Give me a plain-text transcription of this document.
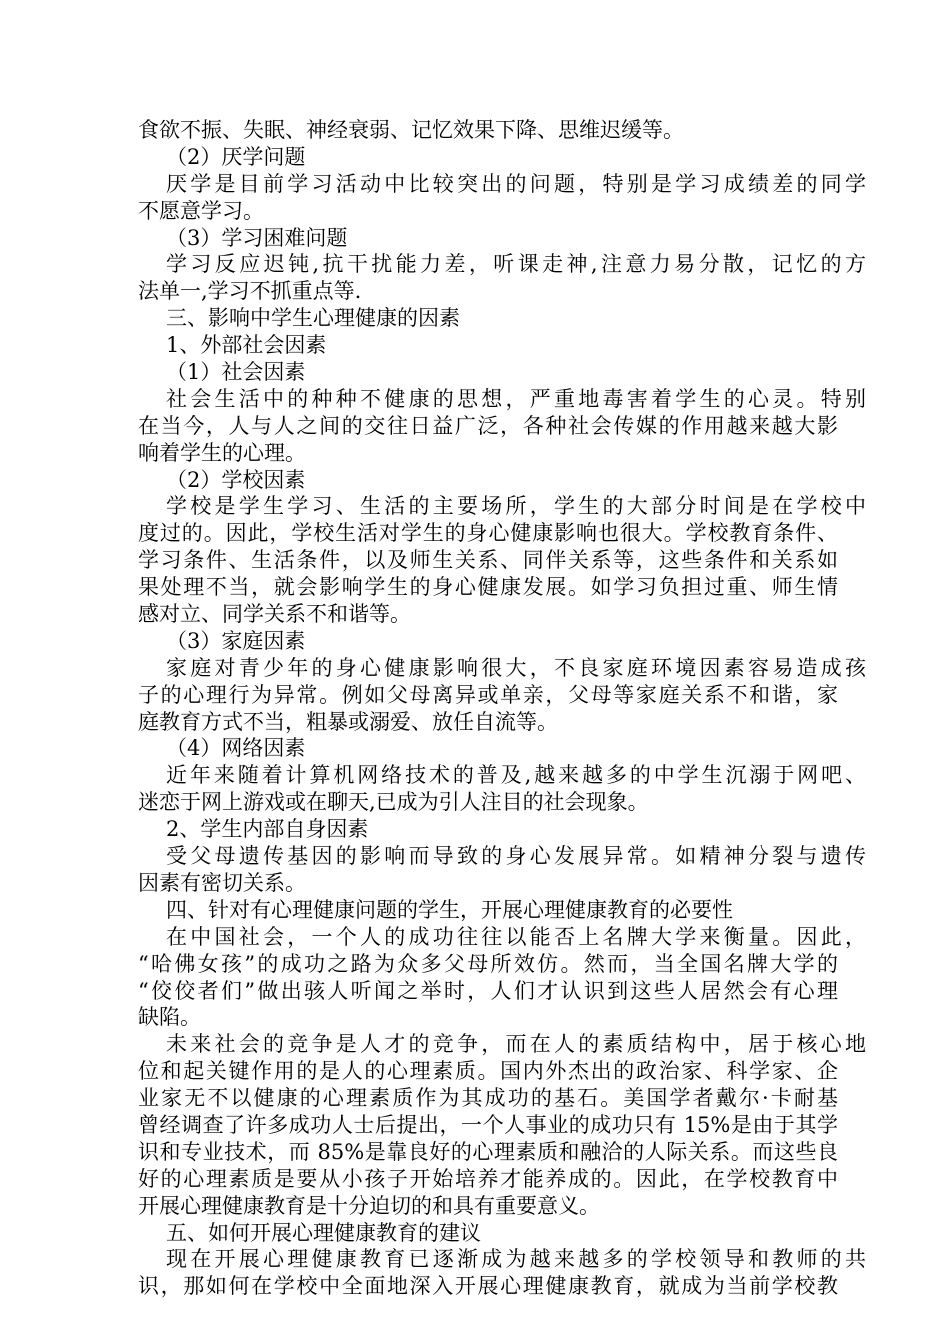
食欲不振、失眠、神经衰弱、记忆效果下降、思维迟缓等。
（2）厌学问题
厌学是目前学习活动中比较突出的问题，特别是学习成绩差的同学
不愿意学习。
（3）学习困难问题
学习反应迟钝,抗干扰能力差，听课走神,注意力易分散，记忆的方
法单一,学习不抓重点等.
三、影响中学生心理健康的因素
1、外部社会因素
（1）社会因素
社会生活中的种种不健康的思想，严重地毒害着学生的心灵。特别
在当今，人与人之间的交往日益广泛，各种社会传媒的作用越来越大影
响着学生的心理。
（2）学校因素
学校是学生学习、生活的主要场所，学生的大部分时间是在学校中
度过的。因此，学校生活对学生的身心健康影响也很大。学校教育条件、
学习条件、生活条件，以及师生关系、同伴关系等，这些条件和关系如
果处理不当，就会影响学生的身心健康发展。如学习负担过重、师生情
感对立、同学关系不和谐等。
（3）家庭因素
家庭对青少年的身心健康影响很大，不良家庭环境因素容易造成孩
子的心理行为异常。例如父母离异或单亲，父母等家庭关系不和谐，家
庭教育方式不当，粗暴或溺爱、放任自流等。
（4）网络因素
近年来随着计算机网络技术的普及,越来越多的中学生沉溺于网吧、
迷恋于网上游戏或在聊天,已成为引人注目的社会现象。
2、学生内部自身因素
受父母遗传基因的影响而导致的身心发展异常。如精神分裂与遗传
因素有密切关系。
四、针对有心理健康问题的学生，开展心理健康教育的必要性
在中国社会，一个人的成功往往以能否上名牌大学来衡量。因此，
“哈佛女孩”的成功之路为众多父母所效仿。然而，当全国名牌大学的
“佼佼者们”做出骇人听闻之举时，人们才认识到这些人居然会有心理
缺陷。
未来社会的竞争是人才的竞争，而在人的素质结构中，居于核心地
位和起关键作用的是人的心理素质。国内外杰出的政治家、科学家、企
业家无不以健康的心理素质作为其成功的基石。美国学者戴尔·卡耐基
曾经调查了许多成功人士后提出，一个人事业的成功只有 15%是由于其学
识和专业技术，而 85%是靠良好的心理素质和融洽的人际关系。而这些良
好的心理素质是要从小孩子开始培养才能养成的。因此，在学校教育中
开展心理健康教育是十分迫切的和具有重要意义。
五、如何开展心理健康教育的建议
现在开展心理健康教育已逐渐成为越来越多的学校领导和教师的共
识，那如何在学校中全面地深入开展心理健康教育，就成为当前学校教
